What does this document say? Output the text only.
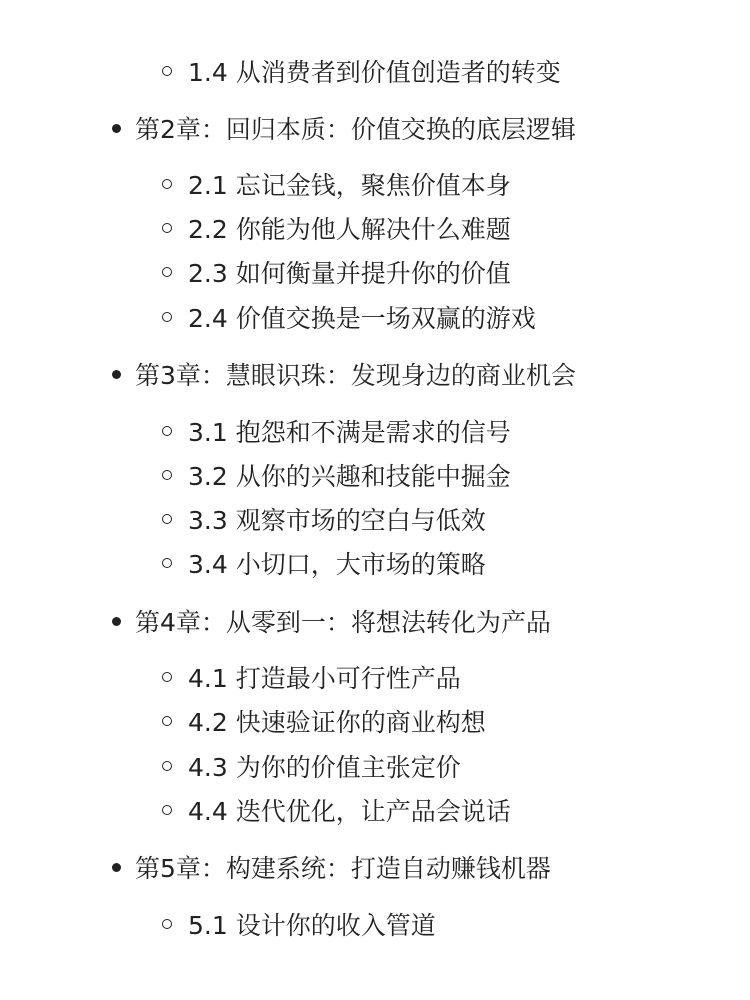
1.4 从消费者到价值创造者的转变
第2章：回归本质：价值交换的底层逻辑
2.1 忘记金钱，聚焦价值本身
2.2 你能为他人解决什么难题
2.3 如何衡量并提升你的价值
2.4 价值交换是一场双赢的游戏
第3章：慧眼识珠：发现身边的商业机会
3.1 抱怨和不满是需求的信号
3.2 从你的兴趣和技能中掘金
3.3 观察市场的空白与低效
3.4 小切口，大市场的策略
第4章：从零到一：将想法转化为产品
4.1 打造最小可行性产品
4.2 快速验证你的商业构想
4.3 为你的价值主张定价
4.4 迭代优化，让产品会说话
第5章：构建系统：打造自动赚钱机器
5.1 设计你的收入管道
